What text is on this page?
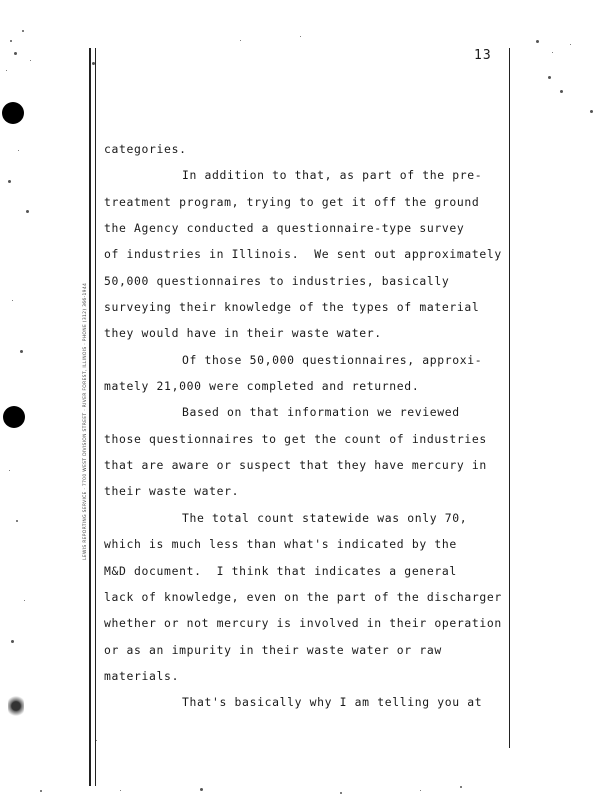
13
LEWIS REPORTING SERVICE · 7700 WEST DIVISION STREET · RIVER FOREST, ILLINOIS · PHONE (312) 366-1944
categories.
In addition to that, as part of the pre-
treatment program, trying to get it off the ground
the Agency conducted a questionnaire-type survey
of industries in Illinois.  We sent out approximately
50,000 questionnaires to industries, basically
surveying their knowledge of the types of material
they would have in their waste water.
Of those 50,000 questionnaires, approxi-
mately 21,000 were completed and returned.
Based on that information we reviewed
those questionnaires to get the count of industries
that are aware or suspect that they have mercury in
their waste water.
The total count statewide was only 70,
which is much less than what's indicated by the
M&D document.  I think that indicates a general
lack of knowledge, even on the part of the discharger
whether or not mercury is involved in their operation
or as an impurity in their waste water or raw
materials.
That's basically why I am telling you at
